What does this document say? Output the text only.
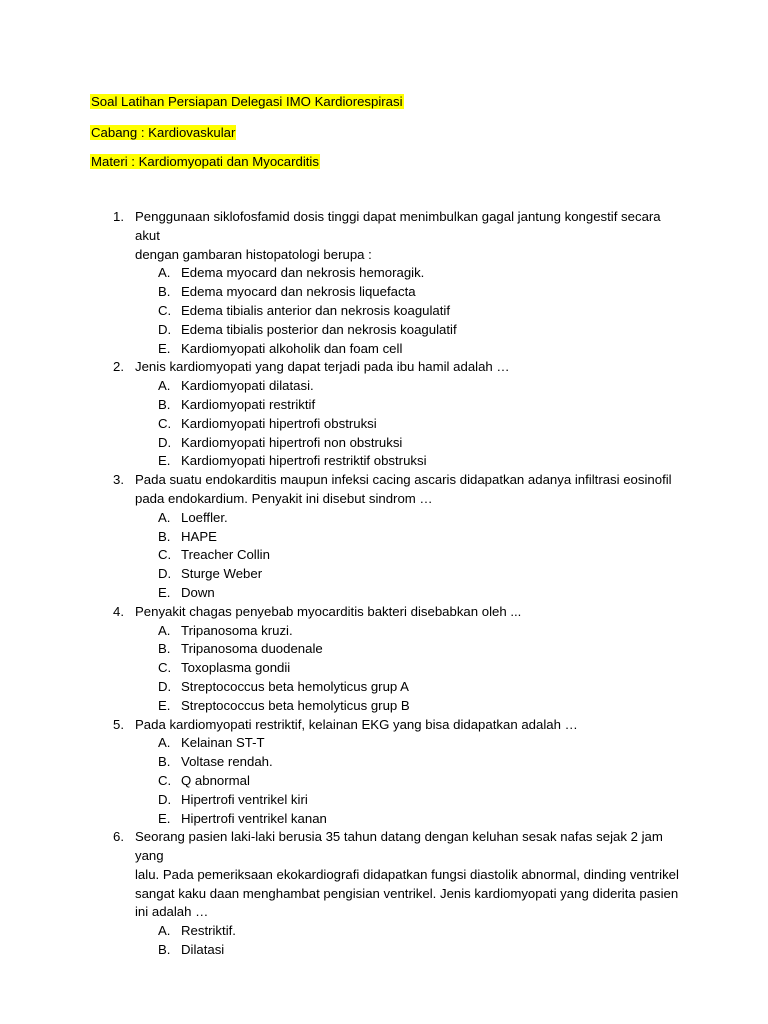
Soal Latihan Persiapan Delegasi IMO Kardiorespirasi
Cabang : Kardiovaskular
Materi : Kardiomyopati dan Myocarditis
1. Penggunaan siklofosfamid dosis tinggi dapat menimbulkan gagal jantung kongestif secara akut
dengan gambaran histopatologi berupa :
A. Edema myocard dan nekrosis hemoragik.
B. Edema myocard dan nekrosis liquefacta
C. Edema tibialis anterior dan nekrosis koagulatif
D. Edema tibialis posterior dan nekrosis koagulatif
E. Kardiomyopati alkoholik dan foam cell
2. Jenis kardiomyopati yang dapat terjadi pada ibu hamil adalah …
A. Kardiomyopati dilatasi.
B. Kardiomyopati restriktif
C. Kardiomyopati hipertrofi obstruksi
D. Kardiomyopati hipertrofi non obstruksi
E. Kardiomyopati hipertrofi restriktif obstruksi
3. Pada suatu endokarditis maupun infeksi cacing ascaris didapatkan adanya infiltrasi eosinofil
pada endokardium. Penyakit ini disebut sindrom …
A. Loeffler.
B. HAPE
C. Treacher Collin
D. Sturge Weber
E. Down
4. Penyakit chagas penyebab myocarditis bakteri disebabkan oleh ...
A. Tripanosoma kruzi.
B. Tripanosoma duodenale
C. Toxoplasma gondii
D. Streptococcus beta hemolyticus grup A
E. Streptococcus beta hemolyticus grup B
5. Pada kardiomyopati restriktif, kelainan EKG yang bisa didapatkan adalah …
A. Kelainan ST-T
B. Voltase rendah.
C. Q abnormal
D. Hipertrofi ventrikel kiri
E. Hipertrofi ventrikel kanan
6. Seorang pasien laki-laki berusia 35 tahun datang dengan keluhan sesak nafas sejak 2 jam yang
lalu. Pada pemeriksaan ekokardiografi didapatkan fungsi diastolik abnormal, dinding ventrikel
sangat kaku daan menghambat pengisian ventrikel. Jenis kardiomyopati yang diderita pasien
ini adalah …
A. Restriktif.
B. Dilatasi
